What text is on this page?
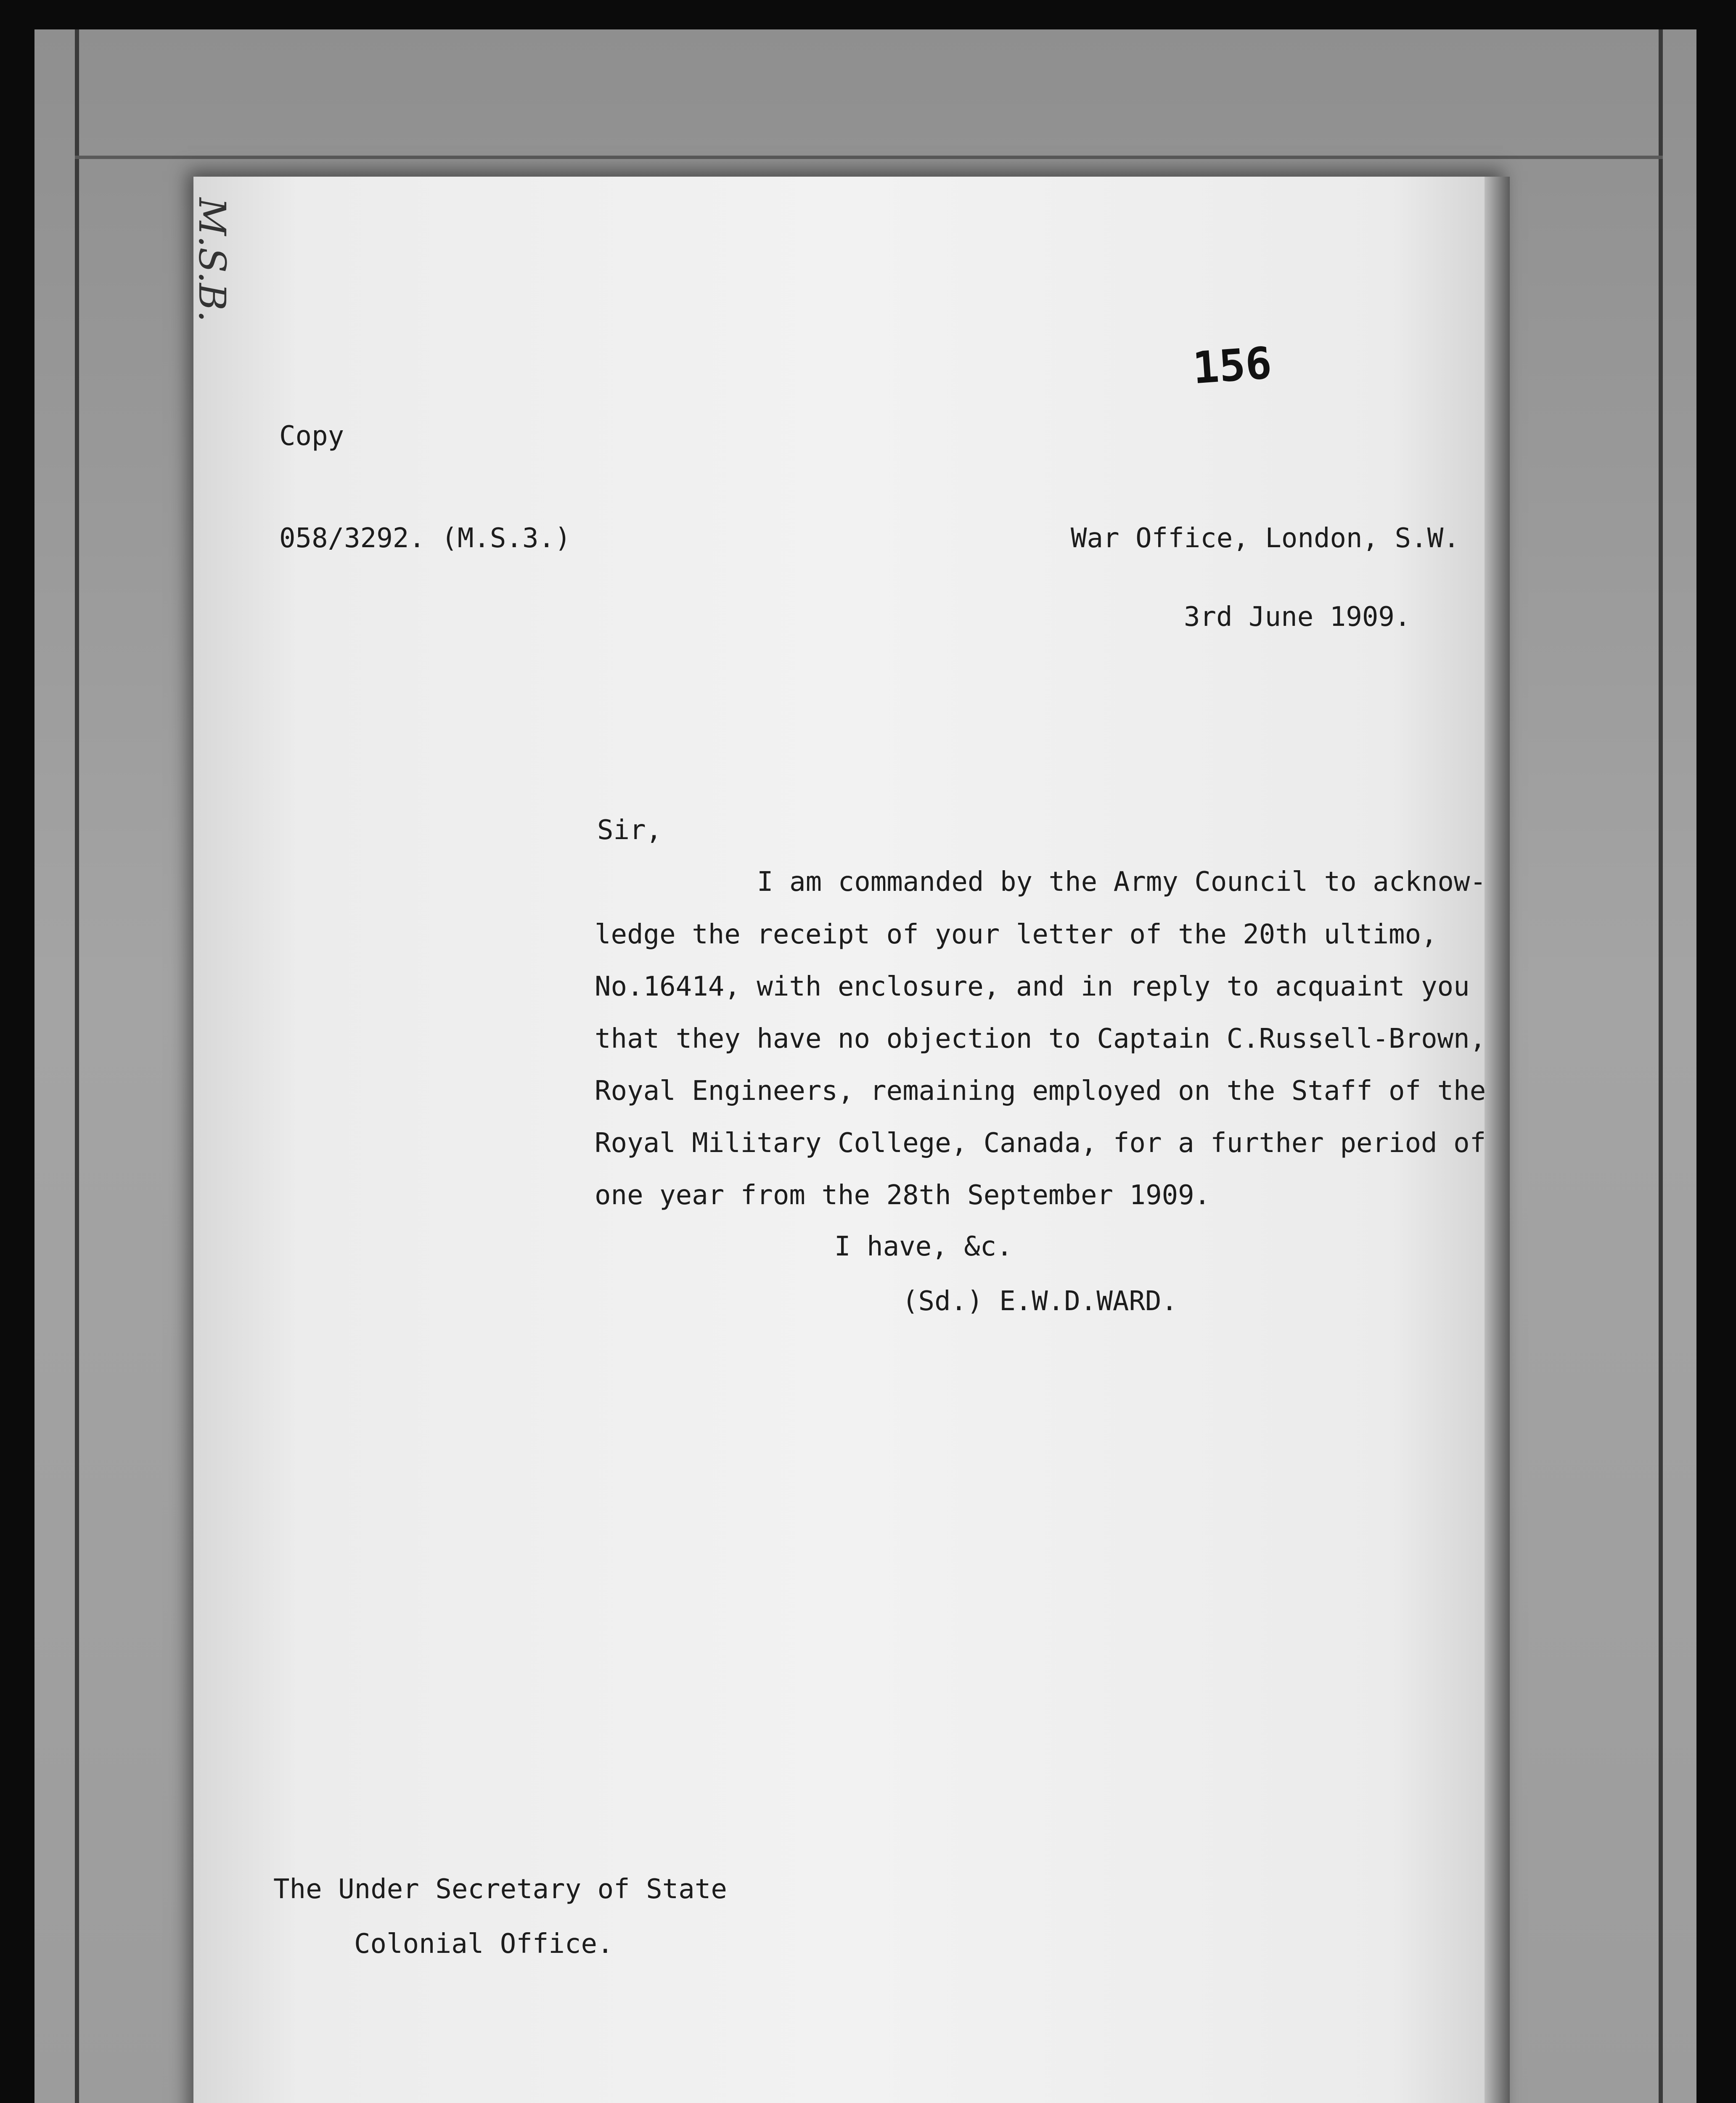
M.S.B.
156
Copy
058/3292. (M.S.3.)	War Office, London, S.W.
3rd June 1909.
Sir,
I am commanded by the Army Council to acknow-
ledge the receipt of your letter of the 20th ultimo,
No.16414, with enclosure, and in reply to acquaint you
that they have no objection to Captain C.Russell-Brown,
Royal Engineers, remaining employed on the Staff of the
Royal Military College, Canada, for a further period of
one year from the 28th September 1909.
I have, &c.
(Sd.) E.W.D.WARD.
The Under Secretary of State
Colonial Office.
